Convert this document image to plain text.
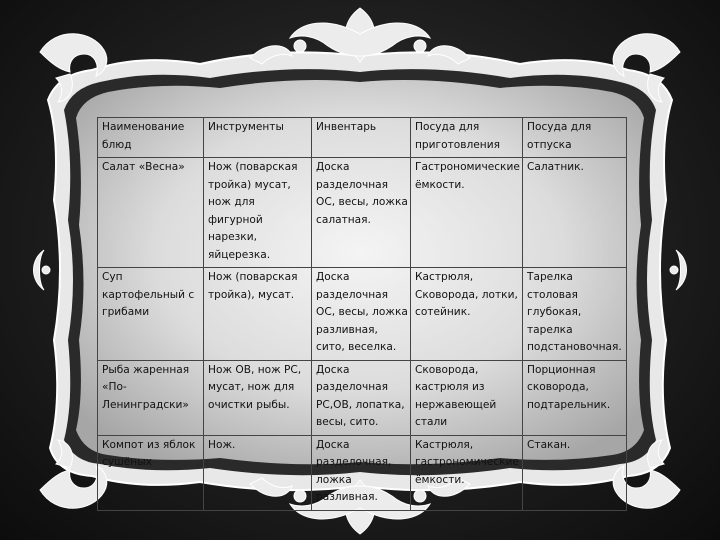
Наименование блюд	Инструменты	Инвентарь	Посуда для приготовления	Посуда для отпуска
Салат «Весна»	Нож (поварская тройка) мусат, нож для фигурной нарезки, яйцерезка.	Доска разделочная ОС, весы, ложка салатная.	Гастрономические ёмкости.	Салатник.
Суп картофельный с грибами	Нож (поварская тройка), мусат.	Доска разделочная ОС, весы, ложка разливная, сито, веселка.	Кастрюля, Сковорода, лотки, сотейник.	Тарелка столовая глубокая, тарелка подстановочная.
Рыба жаренная «По-Ленинградски»	Нож ОВ, нож РС, мусат, нож для очистки рыбы.	Доска разделочная РС,ОВ, лопатка, весы, сито.	Сковорода, кастрюля из нержавеющей стали	Порционная сковорода, подтарельник.
Компот из яблок сушёных	Нож.	Доска разделочная, ложка разливная.	Кастрюля, гастрономические ёмкости.	Стакан.
